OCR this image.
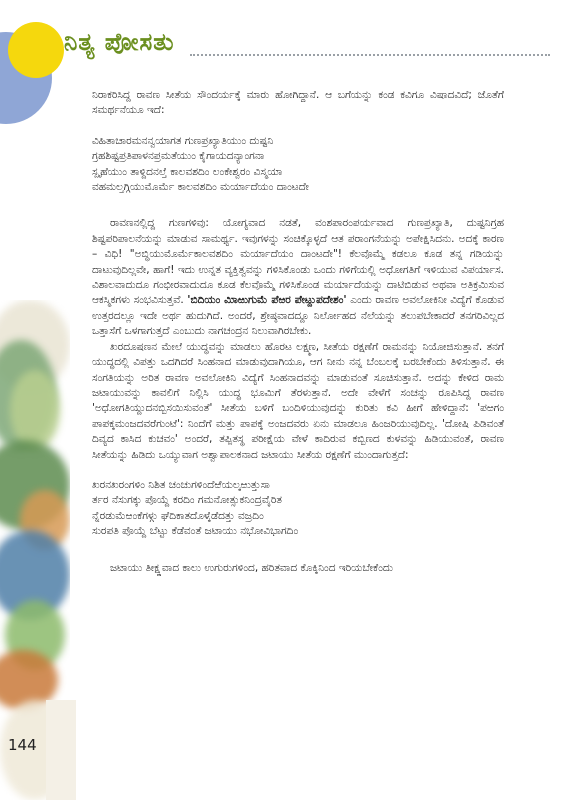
ನಿತ್ಯ ಪೋಸತು

ನಿರಾಕರಿಸಿದ್ದ ರಾವಣ ಸೀತೆಯ ಸೌಂದರ್ಯಕ್ಕೆ ಮಾರು ಹೋಗಿದ್ದಾನೆ. ಆ ಬಗೆಯನ್ನು ಕಂಡ ಕವಿಗೂ ವಿಷಾದವಿದೆ; ಜೊತೆಗೆ ಸಮರ್ಥನೆಯೂ ಇದೆ:

ವಿಹಿತಾಚಾರಮನನ್ವಯಾಗತ ಗುಣಪ್ರಖ್ಯಾತಿಯುಂ ದುಷ್ಟನಿ
ಗ್ರಹಶಿಷ್ಟಪ್ರತಿಪಾಳನಪ್ರಮತೆಯುಂ ಕೈಗಾಯದನ್ಯಾಂಗನಾ
ಸ್ಪೃಹೆಯುಂ ತಾಳ್ದಿದನಲ್ತೆ ಕಾಲವಶದಿಂ ಲಂಕೇಶ್ವರಂ ವಿಸ್ಮಯಾ
ವಹಮಲ್ತಗ್ಗಿಯುಮೊರ್ಮೆ ಕಾಲವಶದಿಂ ಮರ್ಯಾದೆಯಂ ದಾಂಟದೇ

ರಾವಣನಲ್ಲಿದ್ದ ಗುಣಗಳಿವು: ಯೋಗ್ಯವಾದ ನಡತೆ, ವಂಶಪಾರಂಪರ್ಯವಾದ ಗುಣಪ್ರಖ್ಯಾತಿ, ದುಷ್ಟನಿಗ್ರಹ ಶಿಷ್ಟಪರಿಪಾಲನೆಯನ್ನು ಮಾಡುವ ಸಾಮರ್ಥ್ಯ. ಇವುಗಳನ್ನು ಸಂಚಿಕ್ಕೊಳ್ಳದೆ ಆತ ಪರಾಂಗನೆಯನ್ನು ಅಪೇಕ್ಷಿಸಿದನು. ಅದಕ್ಕೆ ಕಾರಣ – ವಿಧಿ! "ಅಬ್ಧಿಯುಮೊರ್ಮೆಕಾಲವಶದಿಂ ಮರ್ಯಾದೆಯಂ ದಾಂಟದೇ"! ಕೆಲವೊಮ್ಮೆ ಕಡಲೂ ಕೂಡ ತನ್ನ ಗಡಿಯನ್ನು ದಾಟುವುದಿಲ್ಲವೇ, ಹಾಗೆ! ಇದು ಉನ್ನತ ವ್ಯಕ್ತಿತ್ವವನ್ನು ಗಳಿಸಿಕೊಂಡು ಒಂದು ಗಳಿಗೆಯಲ್ಲಿ ಅಧೋಗತಿಗೆ ಇಳಿಯುವ ವಿಪರ್ಯಾಸ. ವಿಶಾಲವಾದುದೂ ಗಂಭೀರವಾದುದೂ ಕೂಡ ಕೆಲವೊಮ್ಮೆ ಗಳಿಸಿಕೊಂಡ ಮರ್ಯಾದೆಯನ್ನು ದಾಟಿಬಿಡುವ ಅಥವಾ ಅತಿಕ್ರಮಿಸುವ ಆಕಸ್ಮಿಕಗಳು ಸಂಭವಿಸುತ್ತವೆ. 'ಬಿದಿಯಂ ಮಿಾಱುಗುಮೆ ಪೆಱರ ಪೇಟ್ದುಪದೇಶಂ' ಎಂದು ರಾವಣ ಅವಲೋಕಿನೀ ವಿದ್ಯೆಗೆ ಕೊಡುವ ಉತ್ತರದಲ್ಲೂ ಇದೇ ಅರ್ಥ ಹುದುಗಿದೆ. ಅಂದರೆ, ಶ್ರೇಷ್ಠವಾದದ್ದೂ ನಿರ್ಲೋಹದ ನೆಲೆಯನ್ನು ತಲುಪಬೇಕಾದರೆ ತನಗರಿವಿಲ್ಲದ ಒತ್ತಾಸೆಗೆ ಒಳಗಾಗುತ್ತದೆ ಎಂಬುದು ನಾಗಚಂದ್ರನ ನಿಲುವಾಗಿರಬೇಕು.

ಖರದೂಷಣನ ಮೇಲೆ ಯುದ್ಧವನ್ನು ಮಾಡಲು ಹೊರಟ ಲಕ್ಷ್ಮಣ, ಸೀತೆಯ ರಕ್ಷಣೆಗೆ ರಾಮನನ್ನು ನಿಯೋಜಿಸುತ್ತಾನೆ. ತನಗೆ ಯುದ್ಧದಲ್ಲಿ ವಿಪತ್ತು ಒದಗಿದರೆ ಸಿಂಹನಾದ ಮಾಡುವುದಾಗಿಯೂ, ಆಗ ನೀನು ನನ್ನ ಬೆಂಬಲಕ್ಕೆ ಬರಬೇಕೆಂದು ತಿಳಿಸುತ್ತಾನೆ. ಈ ಸಂಗತಿಯನ್ನು ಅರಿತ ರಾವಣ ಅವಲೋಕಿನಿ ವಿದ್ಯೆಗೆ ಸಿಂಹನಾದವನ್ನು ಮಾಡುವಂತೆ ಸೂಚಿಸುತ್ತಾನೆ. ಅದನ್ನು ಕೇಳಿದ ರಾಮ ಜಟಾಯುವನ್ನು ಕಾವಲಿಗೆ ನಿಲ್ಲಿಸಿ ಯುದ್ಧ ಭೂಮಿಗೆ ತೆರಳುತ್ತಾನೆ. ಅದೇ ವೇಳೆಗೆ ಸಂಚನ್ನು ರೂಪಿಸಿದ್ದ ರಾವಣ 'ಅಧೋಗತಿಯ್ದುದನಬ್ಬಿಸಯಿಸುವಂತೆ' ಸೀತೆಯ ಬಳಿಗೆ ಬಂದಿಳಿಯುವುದನ್ನು ಕುರಿತು ಕವಿ ಹೀಗೆ ಹೇಳಿದ್ದಾನೆ: 'ಪಱಗಂ ಪಾಪಕ್ಕಮಂಜದವರೆಗುಂಟೆ': ನಿಂದೆಗೆ ಮತ್ತು ಪಾಪಕ್ಕೆ ಅಂಜದವರು ಏನು ಮಾಡಲೂ ಹಿಂಜರಿಯುವುದಿಲ್ಲ. 'ದೋಷಿ ಪಿಡಿವಂತೆ ದಿವ್ಯದ ಕಾಸಿದ ಕುಚವಂ' ಅಂದರೆ, ತಪ್ಪಿತಸ್ಥ ಪರೀಕ್ಷೆಯ ವೇಳೆ ಕಾದಿರುವ ಕಬ್ಬಿಣದ ಕುಳವನ್ನು ಹಿಡಿಯುವಂತೆ, ರಾವಣ ಸೀತೆಯನ್ನು ಹಿಡಿದು ಒಯ್ಯುವಾಗ ಅಶ್ವಾಪಾಲಕನಾದ ಜಟಾಯು ಸೀತೆಯ ರಕ್ಷಣೆಗೆ ಮುಂದಾಗುತ್ತದೆ:

ಖರನಖರಂಗಳಿಂ ನಿಶಿತ ಚಂಚುಗಳಿಂದೆಱೆಯಲ್ಕಱುತ್ತುಸಾ
ರ್ತರ ನೆಸುಗಕ್ಕು ಪೊಯ್ದೆ ಕರದಿಂ ಗಮನೋತ್ಸುಕನಿಂದ್ರವೈರಿತ
ನ್ನೆರಡುಮೆಱಂಕೆಗಳ್ಗು ಘೆದಿಕಾತದೊಳ್ಕೆಡೆದತ್ತು ವಜ್ರದಿಂ
ಸುರಪತಿ ಪೊಯ್ದೆ ಬೆಟ್ಟು ಕೆಡೆವಂತೆ ಜಟಾಯು ನಭೋವಿಭಾಗದಿಂ

ಜಟಾಯು ತೀಕ್ಷ್ಣವಾದ ಕಾಲು ಉಗುರುಗಳಿಂದ, ಹರಿತವಾದ ಕೊಕ್ಕಿನಿಂದ ಇರಿಯಬೇಕೆಂದು

144
